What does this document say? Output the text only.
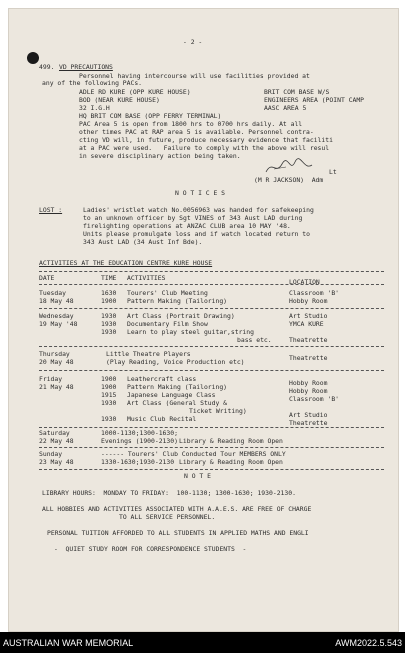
- 2 -
499. VD PRECAUTIONS
Personnel having intercourse will use facilities provided at
any of the following PACs.
ADLE RD KURE (OPP KURE HOUSE)	BRIT COM BASE W/S
BOD (NEAR KURE HOUSE)	ENGINEERS AREA (POINT CAMP
32 I.G.H	AASC AREA 5
HQ BRIT COM BASE (OPP FERRY TERMINAL)
PAC Area 5 is open from 1800 hrs to 0700 hrs daily. At all
other times PAC at RAP area 5 is available. Personnel contra-
cting VD will, in future, produce necessary evidence that faciliti
at a PAC were used.   Failure to comply with the above will resul
in severe disciplinary action being taken.
Lt
(M R JACKSON)  Adm
N O T I C E S
LOST :	Ladies' wristlet watch No.0056963 was handed for safekeeping
to an unknown officer by Sgt VINES of 343 Aust LAD during
firelighting operations at ANZAC CLUB area 10 MAY '48.
Units please promulgate loss and if watch located return to
343 Aust LAD (34 Aust Inf Bde).
ACTIVITIES AT THE EDUCATION CENTRE KURE HOUSE
DATE	TIME ACTIVITIES	LOCATION
Tuesday
18 May 48
1630 Tourers' Club Meeting	Classroom 'B'
1900 Pattern Making (Tailoring)	Hobby Room
Wednesday
19 May '48
1930 Art Class (Portrait Drawing)	Art Studio
1930 Documentary Film Show	YMCA KURE
1930 Learn to play steel guitar,string
bass etc.	Theatrette
Thursday
20 May 48
Little Theatre Players
(Play Reading, Voice Production etc)	Theatrette
Friday
21 May 48
1900 Leathercraft class	Hobby Room
1900 Pattern Making (Tailoring)	Hobby Room
1915 Japanese Language Class	Classroom 'B'
1930 Art Class (General Study &
Ticket Writing)	Art Studio
1930 Music Club Recital	Theatrette
Saturday
22 May 48
1000-1130;1300-1630;
Evenings (1900-2130) Library & Reading Room Open
Sunday
23 May 48
------ Tourers' Club Conducted Tour MEMBERS ONLY
1330-1630;1930-2130 Library & Reading Room Open
N O T E
LIBRARY HOURS:  MONDAY TO FRIDAY:  100-1130; 1300-1630; 1930-2130.
ALL HOBBIES AND ACTIVITIES ASSOCIATED WITH A.A.E.S. ARE FREE OF CHARGE
TO ALL SERVICE PERSONNEL.
PERSONAL TUITION AFFORDED TO ALL STUDENTS IN APPLIED MATHS AND ENGLI
-  QUIET STUDY ROOM FOR CORRESPONDENCE STUDENTS  -
AUSTRALIAN WAR MEMORIAL	AWM2022.5.543
